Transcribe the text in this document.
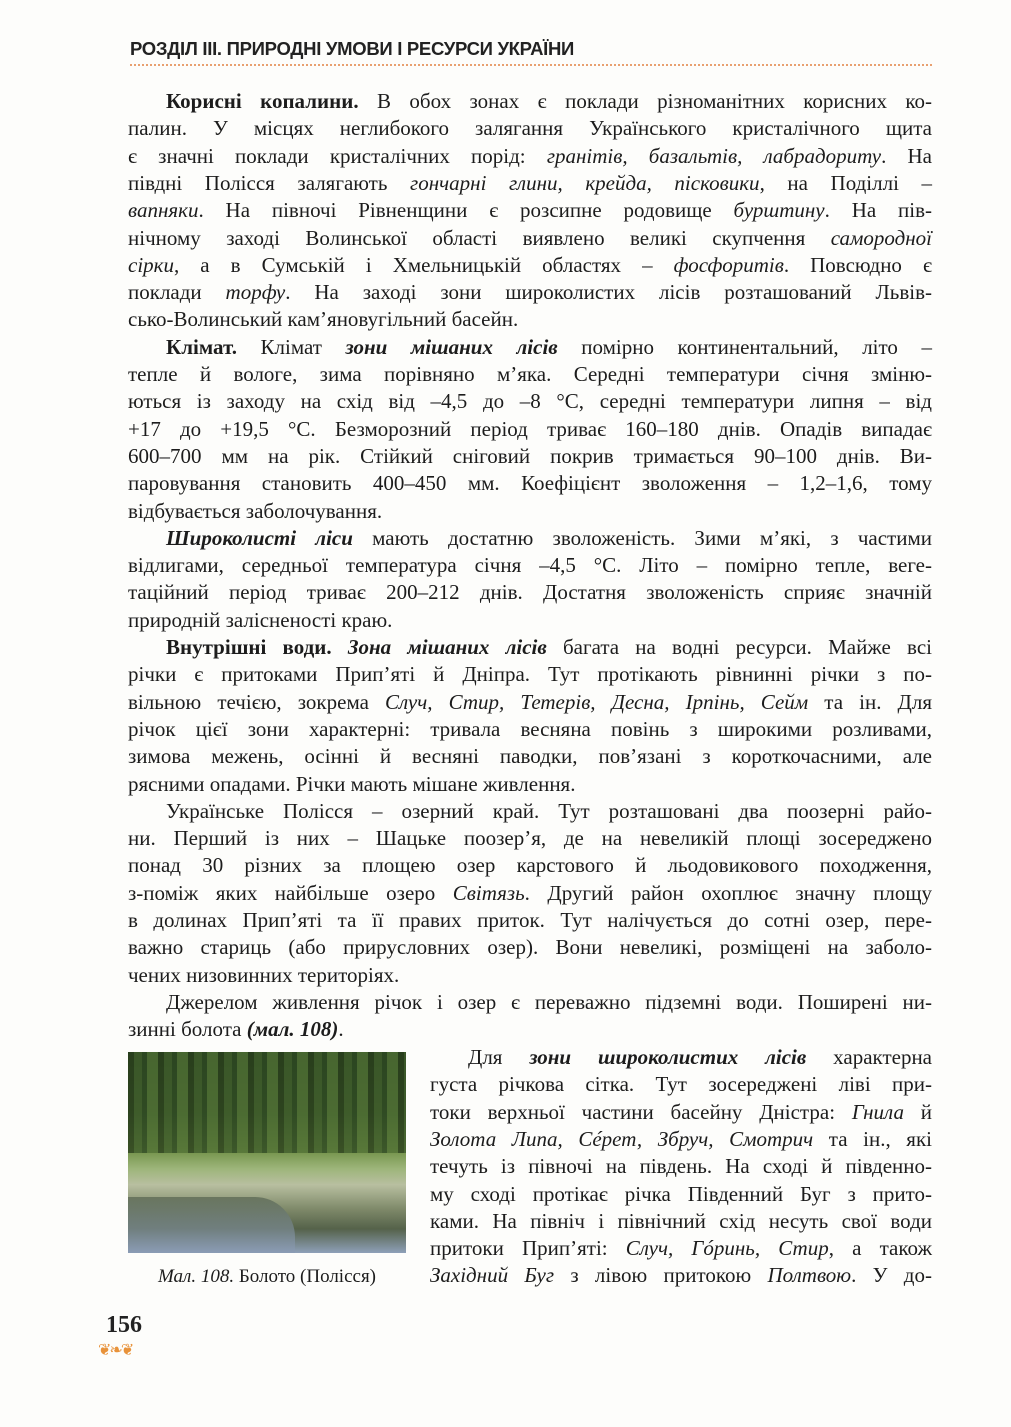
РОЗДІЛ ІІІ. ПРИРОДНІ УМОВИ І РЕСУРСИ УКРАЇНИ
Корисні копалини. В обох зонах є поклади різноманітних корисних ко-
палин. У місцях неглибокого залягання Українського кристалічного щита
є значні поклади кристалічних порід: гранітів, базальтів, лабрадориту. На
півдні Полісся залягають гончарні глини, крейда, пісковики, на Поділлі –
вапняки. На півночі Рівненщини є розсипне родовище бурштину. На пів-
нічному заході Волинської області виявлено великі скупчення самородної
сірки, а в Сумській і Хмельницькій областях – фосфоритів. Повсюдно є
поклади торфу. На заході зони широколистих лісів розташований Львів-
сько-Волинський кам’яновугільний басейн.
Клімат. Клімат зони мішаних лісів помірно континентальний, літо –
тепле й вологе, зима порівняно м’яка. Середні температури січня зміню-
ються із заходу на схід від –4,5 до –8 °С, середні температури липня – від
+17 до +19,5 °С. Безморозний період триває 160–180 днів. Опадів випадає
600–700 мм на рік. Стійкий сніговий покрив тримається 90–100 днів. Ви-
паровування становить 400–450 мм. Коефіцієнт зволоження – 1,2–1,6, тому
відбувається заболочування.
Широколисті ліси мають достатню зволоженість. Зими м’які, з частими
відлигами, середньої температура січня –4,5 °С. Літо – помірно тепле, веге-
таційний період триває 200–212 днів. Достатня зволоженість сприяє значній
природній залісненості краю.
Внутрішні води. Зона мішаних лісів багата на водні ресурси. Майже всі
річки є притоками Прип’яті й Дніпра. Тут протікають рівнинні річки з по-
вільною течією, зокрема Случ, Стир, Тетерів, Десна, Ірпінь, Сейм та ін. Для
річок цієї зони характерні: тривала весняна повінь з широкими розливами,
зимова межень, осінні й весняні паводки, пов’язані з короткочасними, але
рясними опадами. Річки мають мішане живлення.
Українське Полісся – озерний край. Тут розташовані два поозерні райо-
ни. Перший із них – Шацьке поозер’я, де на невеликій площі зосереджено
понад 30 різних за площею озер карстового й льодовикового походження,
з-поміж яких найбільше озеро Світязь. Другий район охоплює значну площу
в долинах Прип’яті та її правих приток. Тут налічується до сотні озер, пере-
важно стариць (або прирусловних озер). Вони невеликі, розміщені на заболо-
чених низовинних територіях.
Джерелом живлення річок і озер є переважно підземні води. Поширені ни-
зинні болота (мал. 108).
Для зони широколистих лісів характерна
густа річкова сітка. Тут зосереджені ліві при-
токи верхньої частини басейну Дністра: Гнила й
Золота Липа, Сéрет, Збруч, Смотрич та ін., які
течуть із півночі на південь. На сході й південно-
му сході протікає річка Південний Буг з прито-
ками. На північ і північний схід несуть свої води
притоки Прип’яті: Случ, Гóринь, Стир, а також
Західний Буг з лівою притокою Полтвою. У до-
Мал. 108. Болото (Полісся)
156
❦❧❦
